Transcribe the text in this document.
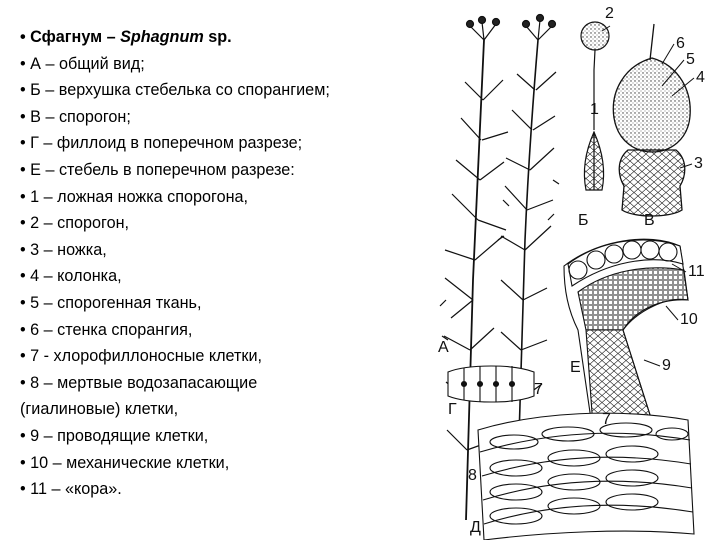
• Сфагнум – Sphagnum sp.
• А – общий вид;
• Б – верхушка стебелька со спорангием;
• В – спорогон;
• Г – филлоид в поперечном разрезе;
• Е – стебель в поперечном разрезе:
• 1 – ложная ножка спорогона,
• 2 – спорогон,
• 3 – ножка,
• 4 – колонка,
• 5 – спорогенная ткань,
• 6 – стенка спорангия,
• 7 - хлорофиллоносные клетки,
• 8 – мертвые водозапасающие
(гиалиновые) клетки,
• 9 – проводящие клетки,
• 10 – механические клетки,
• 11 – «кора».
А
Б
2
1
В
6
5
4
3
Е
11
10
9
Г
7
7
8
Д
